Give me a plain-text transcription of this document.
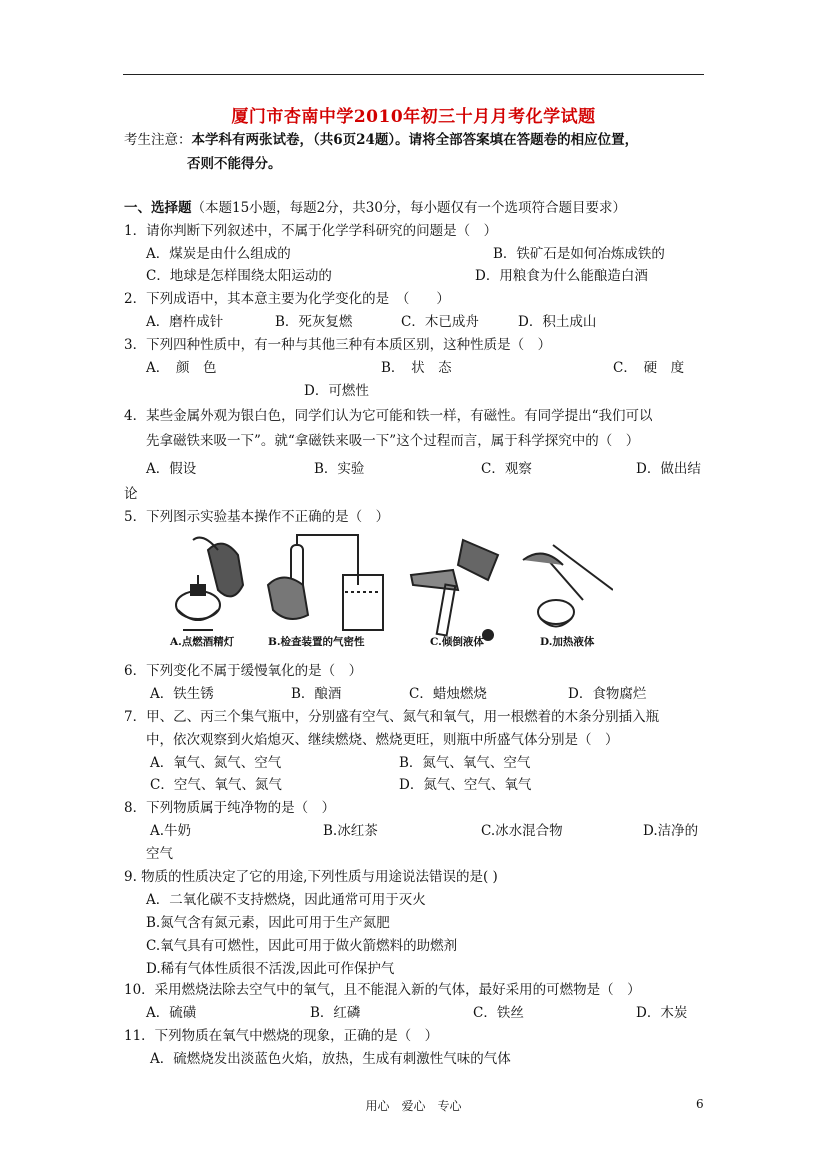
厦门市杏南中学2010年初三十月月考化学试题
考生注意：本学科有两张试卷，（共6页24题）。请将全部答案填在答题卷的相应位置，
否则不能得分。
一、选择题（本题15小题，每题2分，共30分，每小题仅有一个选项符合题目要求）
1．请你判断下列叙述中，不属于化学学科研究的问题是（　）
A．煤炭是由什么组成的	B．铁矿石是如何冶炼成铁的
C．地球是怎样围绕太阳运动的	D．用粮食为什么能酿造白酒
2．下列成语中，其本意主要为化学变化的是　（　　）
A．磨杵成针	B．死灰复燃	C．木已成舟	D．积土成山
3．下列四种性质中，有一种与其他三种有本质区别，这种性质是（　）
A．　颜　色	B．　状　态	C．　硬　度
D．可燃性
4．某些金属外观为银白色，同学们认为它可能和铁一样，有磁性。有同学提出“我们可以
先拿磁铁来吸一下”。就“拿磁铁来吸一下”这个过程而言，属于科学探究中的（　）
A．假设	B．实验	C．观察	D．做出结
论
5．下列图示实验基本操作不正确的是（　）
A.点燃酒精灯	B.检查装置的气密性	C.倾倒液体	D.加热液体
6．下列变化不属于缓慢氧化的是（　）
A．铁生锈	B．酿酒	C．蜡烛燃烧	D．食物腐烂
7．甲、乙、丙三个集气瓶中，分别盛有空气、氮气和氧气，用一根燃着的木条分别插入瓶
中，依次观察到火焰熄灭、继续燃烧、燃烧更旺，则瓶中所盛气体分别是（　）
A．氧气、氮气、空气	B．氮气、氧气、空气
C．空气、氧气、氮气	D．氮气、空气、氧气
8．下列物质属于纯净物的是（　）
A.牛奶	B.冰红茶	C.冰水混合物	D.洁净的
空气
9. 物质的性质决定了它的用途,下列性质与用途说法错误的是( )
A．二氧化碳不支持燃烧，因此通常可用于灭火
B.氮气含有氮元素，因此可用于生产氮肥
C.氧气具有可燃性，因此可用于做火箭燃料的助燃剂
D.稀有气体性质很不活泼,因此可作保护气
10．采用燃烧法除去空气中的氧气，且不能混入新的气体，最好采用的可燃物是（　）
A．硫磺	B．红磷	C．铁丝	D．木炭
11．下列物质在氧气中燃烧的现象，正确的是（　）
A．硫燃烧发出淡蓝色火焰，放热，生成有刺激性气味的气体
用心　爱心　专心	6
